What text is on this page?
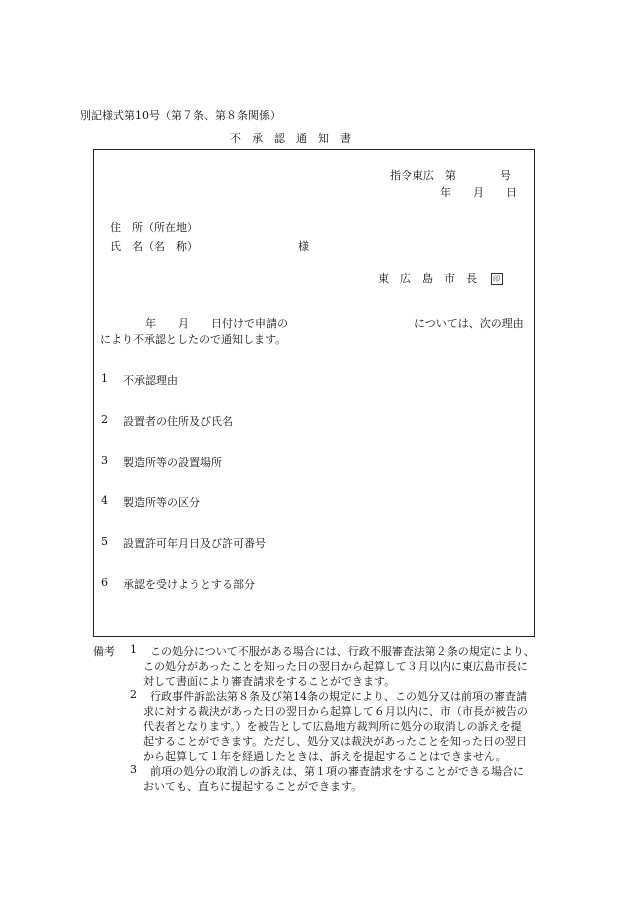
別記様式第10号（第７条、第８条関係）
不　承　認　通　知　書
指令東広　第　　　　号
年　　月　　日
住　所（所在地）
氏　名（名　称）	様
東　広　島　市　長 印
年　　月　　日付けで申請の	については、次の理由
により不承認としたので通知します。
1 不承認理由
2 設置者の住所及び氏名
3 製造所等の設置場所
4 製造所等の区分
5 設置許可年月日及び許可番号
6 承認を受けようとする部分
備考 1 この処分について不服がある場合には、行政不服審査法第２条の規定により、
この処分があったことを知った日の翌日から起算して３月以内に東広島市長に
対して書面により審査請求をすることができます。
2 行政事件訴訟法第８条及び第14条の規定により、この処分又は前項の審査請
求に対する裁決があった日の翌日から起算して６月以内に、市（市長が被告の
代表者となります。）を被告として広島地方裁判所に処分の取消しの訴えを提
起することができます。ただし、処分又は裁決があったことを知った日の翌日
から起算して１年を経過したときは、訴えを提起することはできません。
3 前項の処分の取消しの訴えは、第１項の審査請求をすることができる場合に
おいても、直ちに提起することができます。
